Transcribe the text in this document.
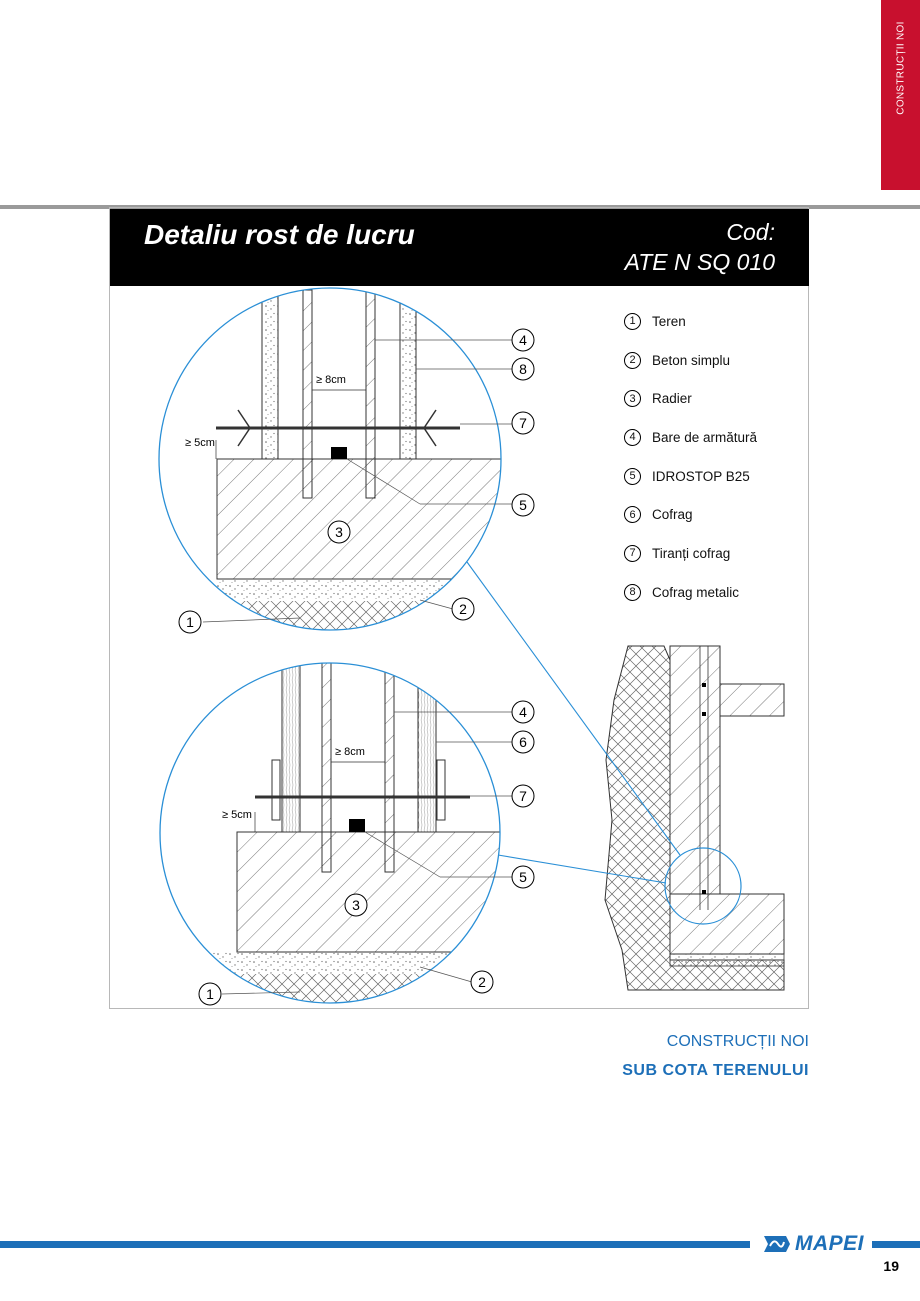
CONSTRUCȚII NOI
Detaliu rost de lucru	Cod:
ATE N SQ 010
≥ 8cm
≥ 5cm
4
8
7
5
3
2
1
≥ 8cm
≥ 5cm
4
6
7
5
3
2
1
1	Teren
2	Beton simplu
3	Radier
4	Bare de armătură
5	IDROSTOP B25
6	Cofrag
7	Tiranți cofrag
8	Cofrag metalic
CONSTRUCȚII NOI
SUB COTA TERENULUI
MAPEI
19
